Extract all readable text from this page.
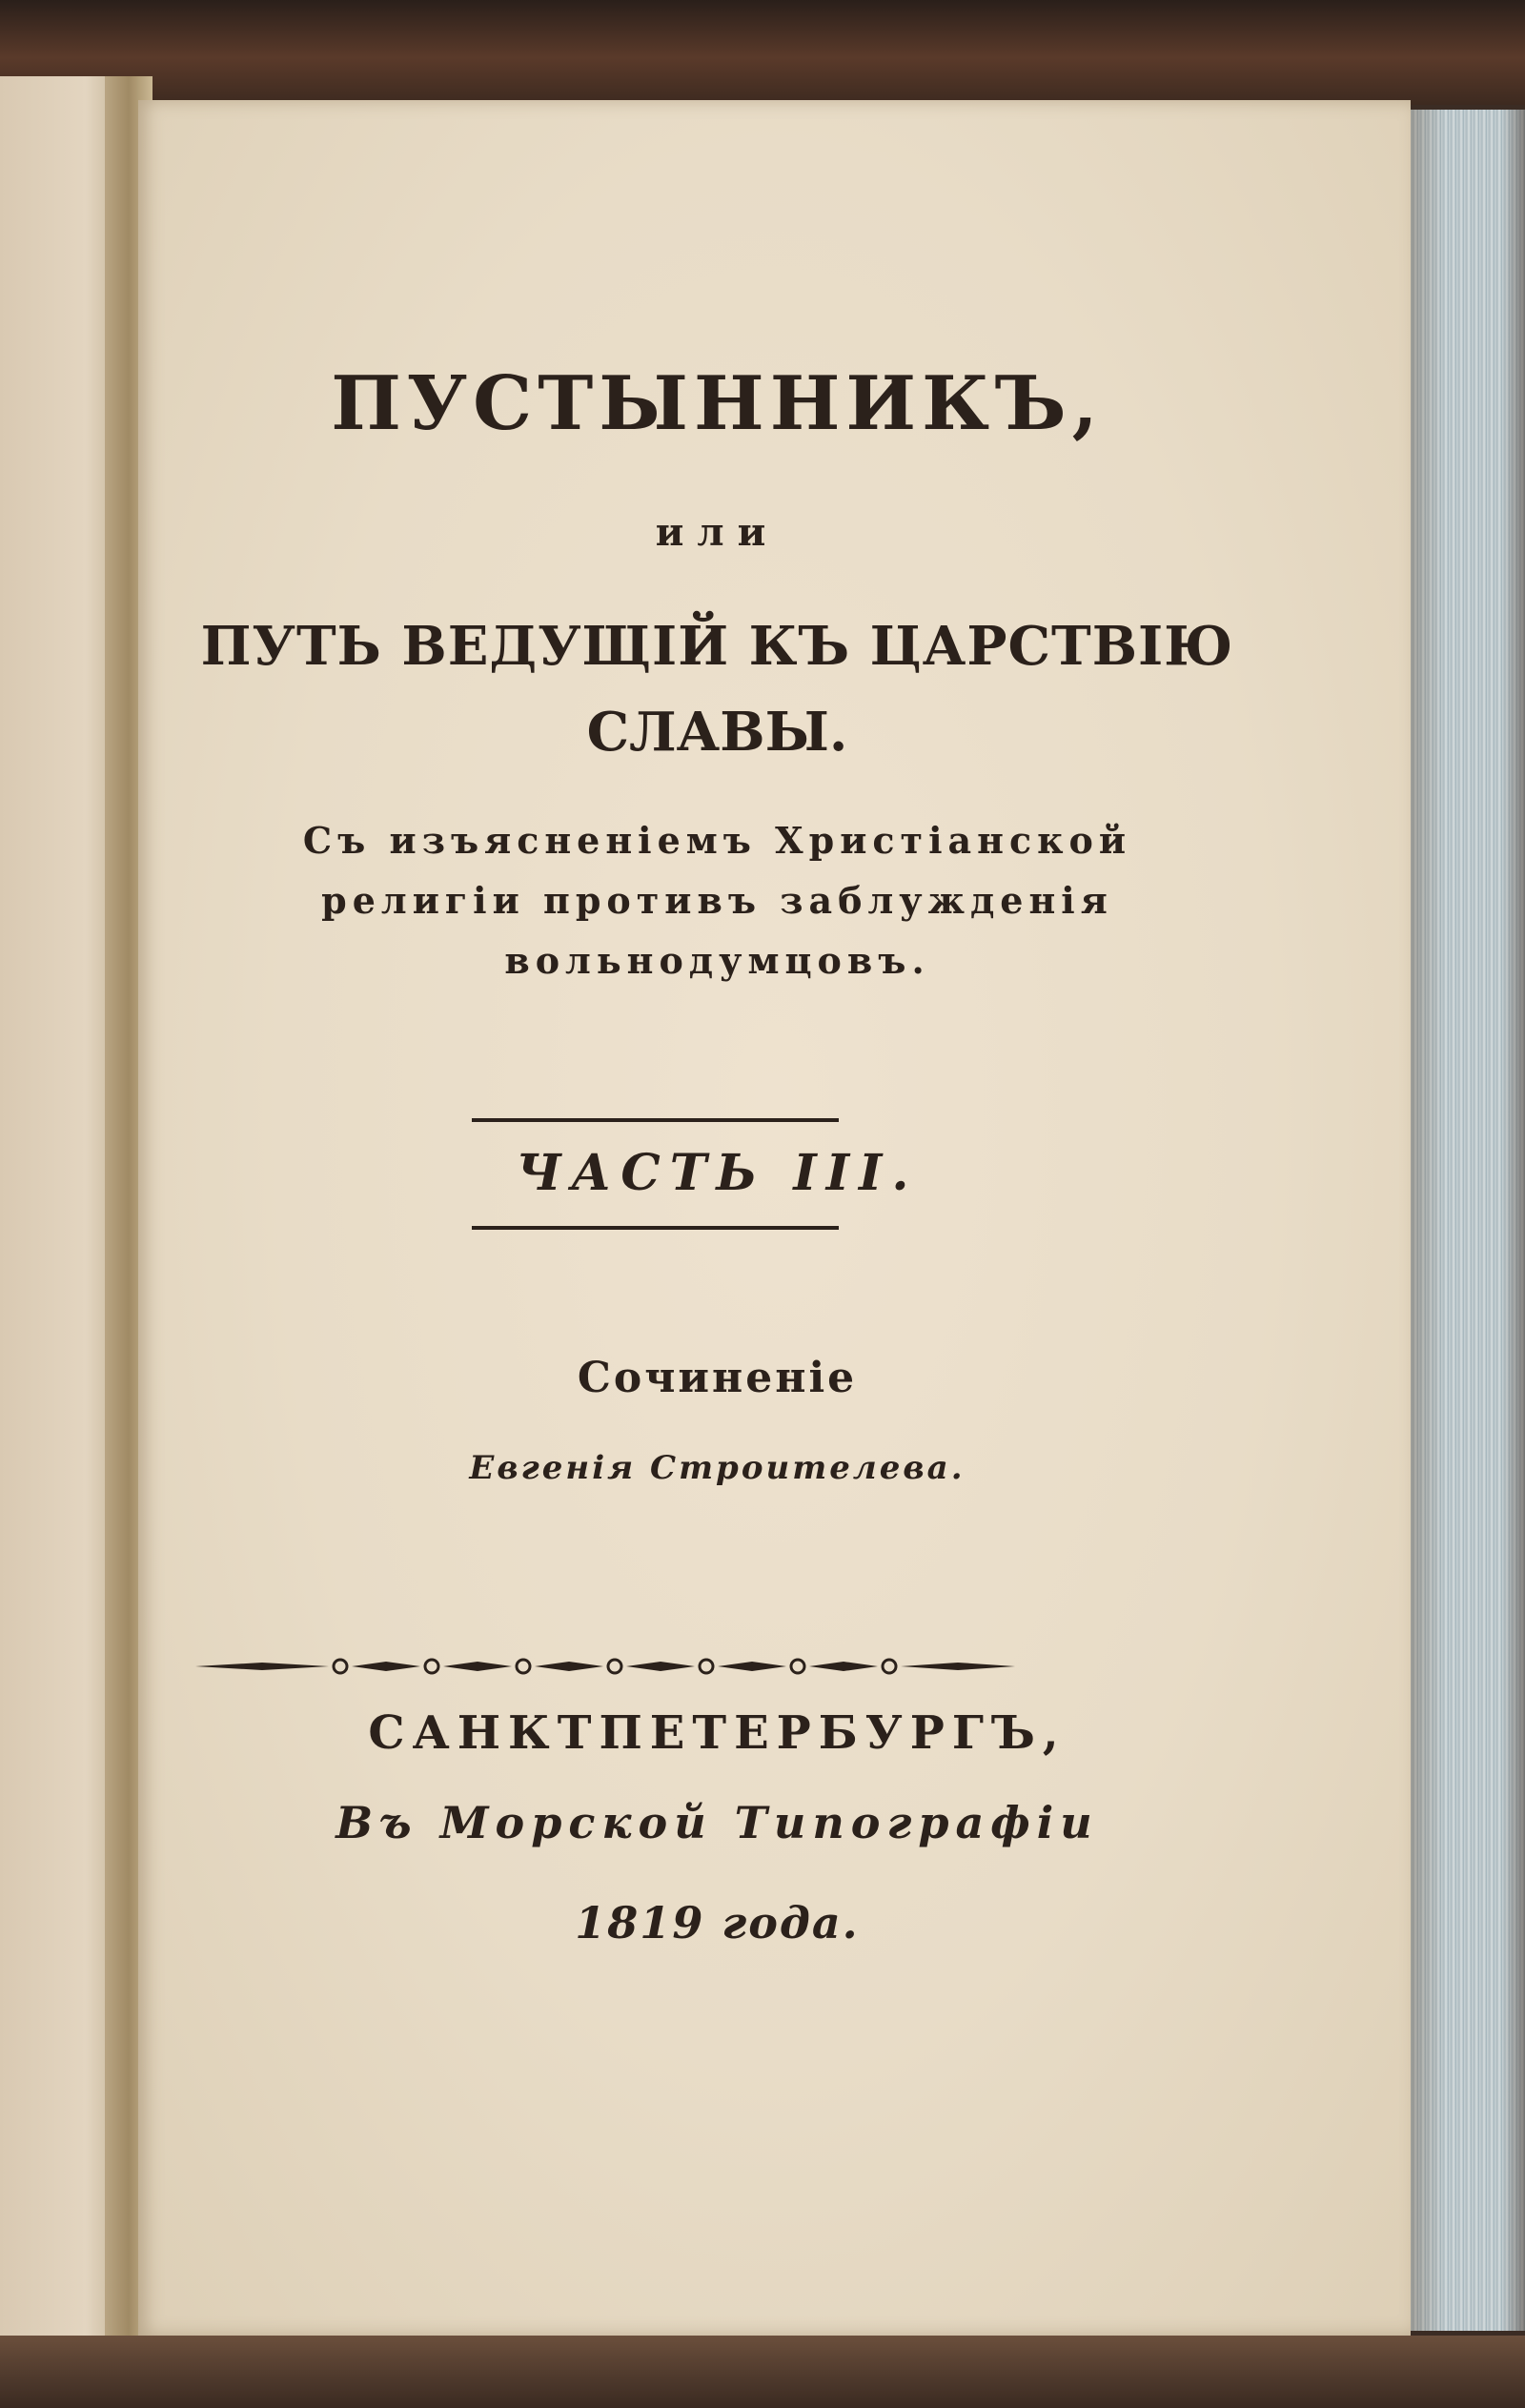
ПУСТЫННИКЪ,
или
ПУТЬ ВЕДУЩІЙ КЪ ЦАРСТВІЮ
СЛАВЫ.
Съ изъясненіемъ Христіанской
религіи противъ заблужденія
вольнодумцовъ.
ЧАСТЬ III.
Сочиненіе
Евгенія Строителева.
САНКТПЕТЕРБУРГЪ,
Въ Морской Типографіи
1819 года.
